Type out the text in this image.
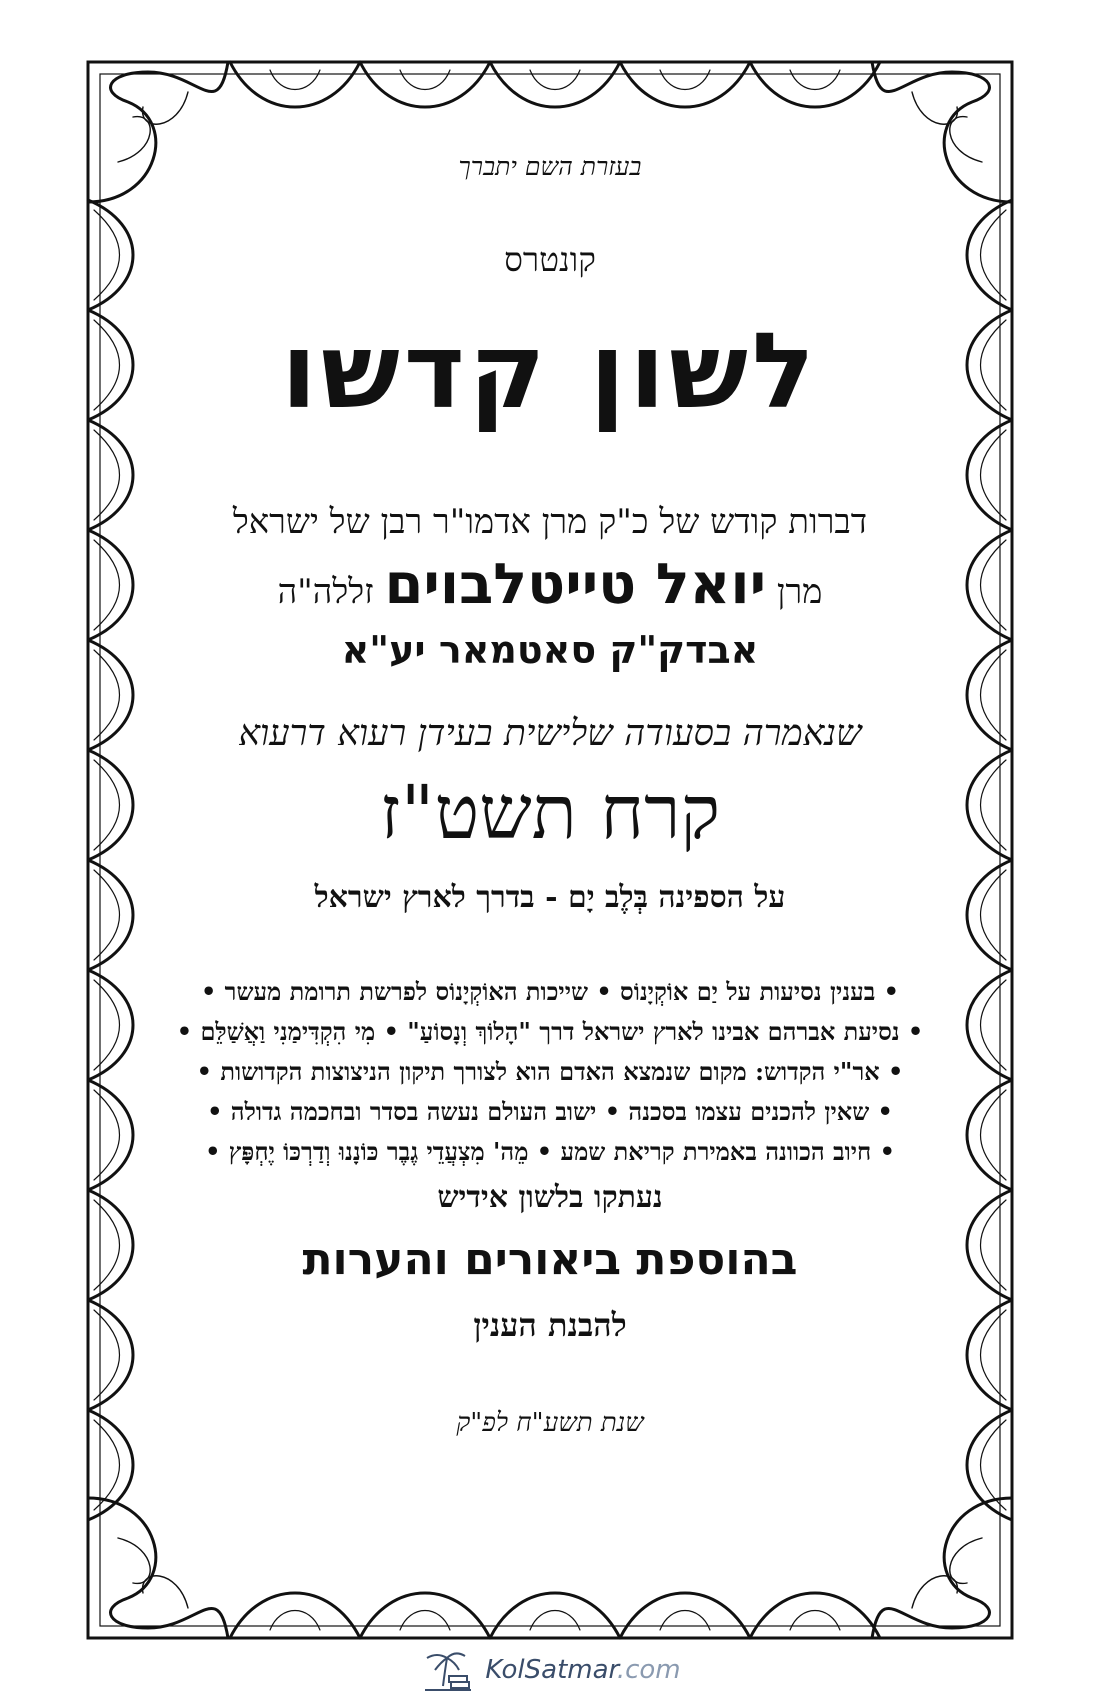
בעזרת השם יתברך
קונטרס
לשון קדשו
דברות קודש של כ"ק מרן אדמו"ר רבן של ישראל
מרן יואל טייטלבוים זללה"ה
אבדק"ק סאטמאר יע"א
שנאמרה בסעודה שלישית בעידן רעוא דרעוא
קרח תשט"ז
על הספינה בְּלֶב יָם - בדרך לארץ ישראל
• בענין נסיעות על יַם אוֹקְיָנוֹס • שייכות האוֹקְיָנוֹס לפרשת תרומת מעשר •
• נסיעת אברהם אבינו לארץ ישראל דרך "הָלוֹךְ וְנָסוֹעַ" • מִי הִקְדִּימַנִי וַאֲשַׁלֵּם •
• אר"י הקדוש: מקום שנמצא האדם הוא לצורך תיקון הניצוצות הקדושות •
• שאין להכנים עצמו בסכנה • ישוב העולם נעשה בסדר ובחכמה גדולה •
• חיוב הכוונה באמירת קריאת שמע • מֵה' מִצְעֲדֵי גֶבֶר כּוֹנָנוּ וְדַרְכּוֹ יֶחְפָּץ •
נעתקו בלשון אידיש
בהוספת ביאורים והערות
להבנת הענין
שנת תשע"ח לפ"ק
KolSatmar.com
